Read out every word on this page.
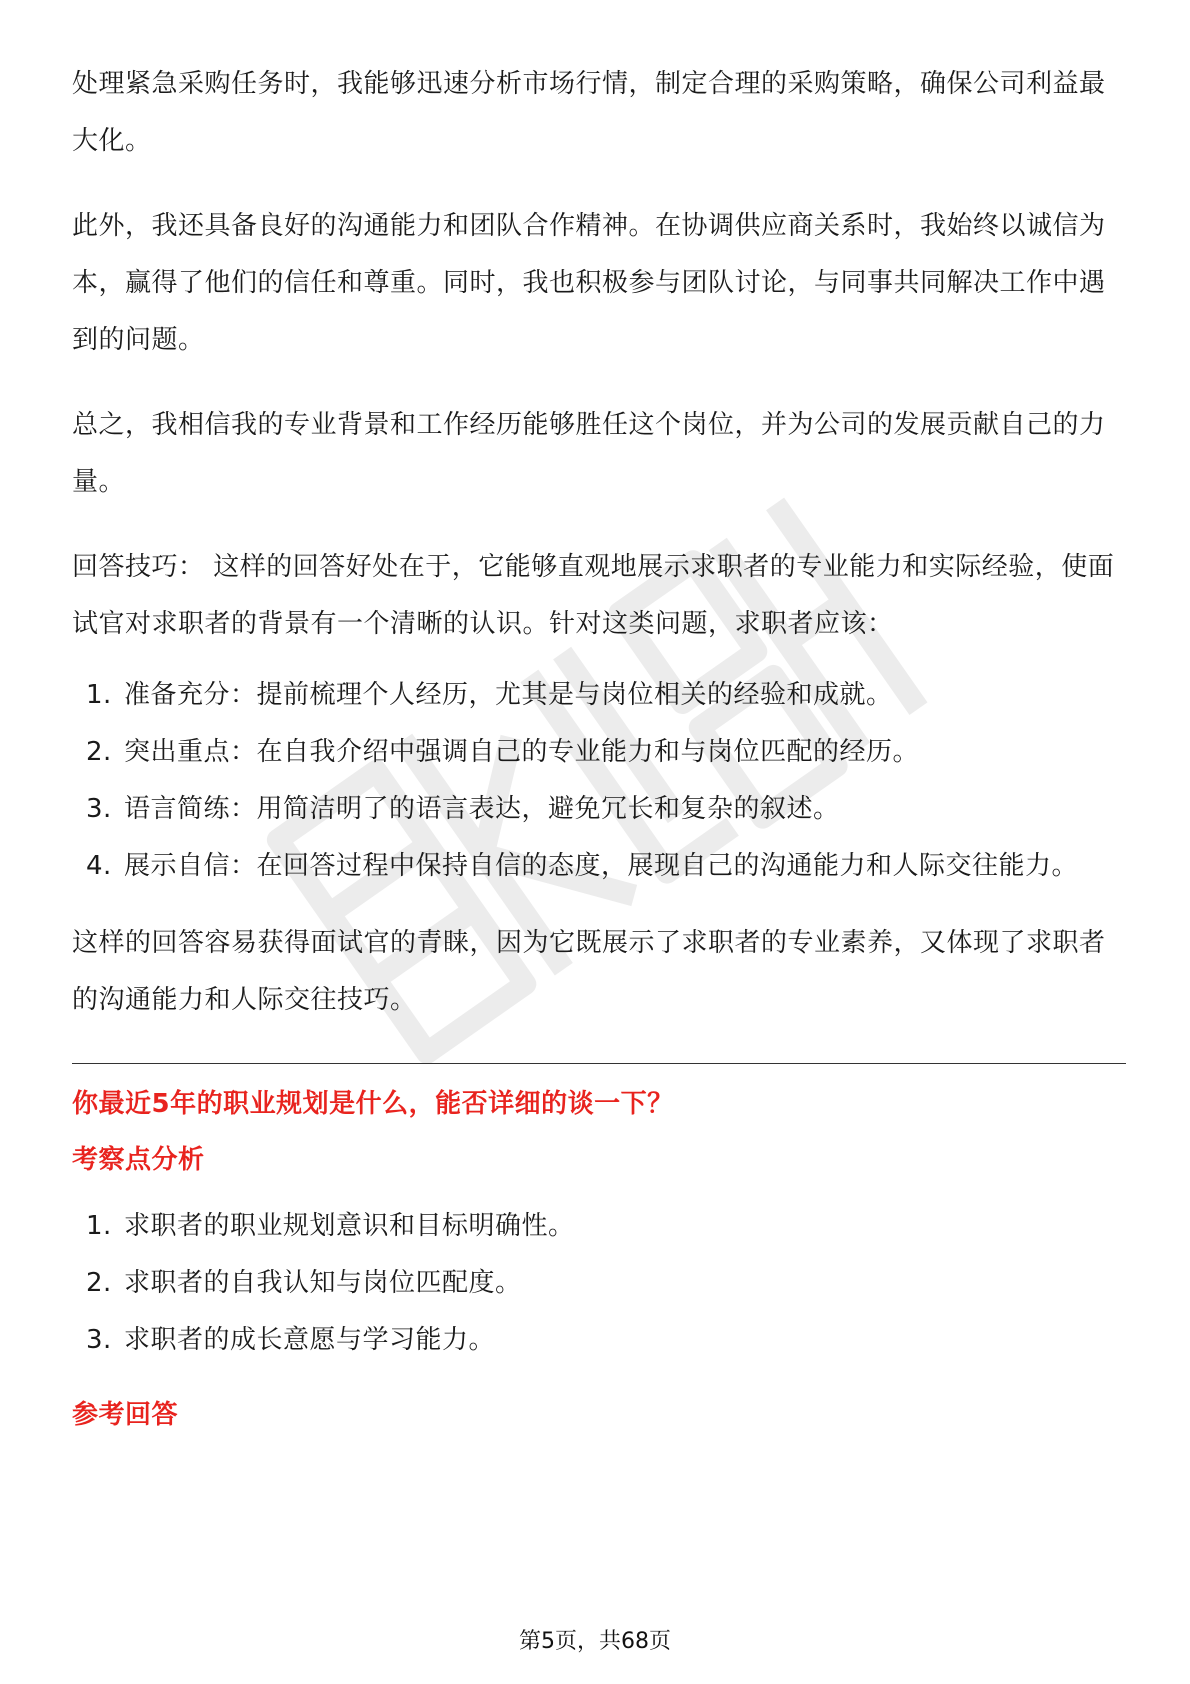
处理紧急采购任务时，我能够迅速分析市场行情，制定合理的采购策略，确保公司利益最大化。

此外，我还具备良好的沟通能力和团队合作精神。在协调供应商关系时，我始终以诚信为本，赢得了他们的信任和尊重。同时，我也积极参与团队讨论，与同事共同解决工作中遇到的问题。

总之，我相信我的专业背景和工作经历能够胜任这个岗位，并为公司的发展贡献自己的力量。

回答技巧： 这样的回答好处在于，它能够直观地展示求职者的专业能力和实际经验，使面试官对求职者的背景有一个清晰的认识。针对这类问题，求职者应该：

1. 准备充分：提前梳理个人经历，尤其是与岗位相关的经验和成就。
2. 突出重点：在自我介绍中强调自己的专业能力和与岗位匹配的经历。
3. 语言简练：用简洁明了的语言表达，避免冗长和复杂的叙述。
4. 展示自信：在回答过程中保持自信的态度，展现自己的沟通能力和人际交往能力。

这样的回答容易获得面试官的青睐，因为它既展示了求职者的专业素养，又体现了求职者的沟通能力和人际交往技巧。

你最近5年的职业规划是什么，能否详细的谈一下？
考察点分析
1. 求职者的职业规划意识和目标明确性。
2. 求职者的自我认知与岗位匹配度。
3. 求职者的成长意愿与学习能力。
参考回答
第5页，共68页
